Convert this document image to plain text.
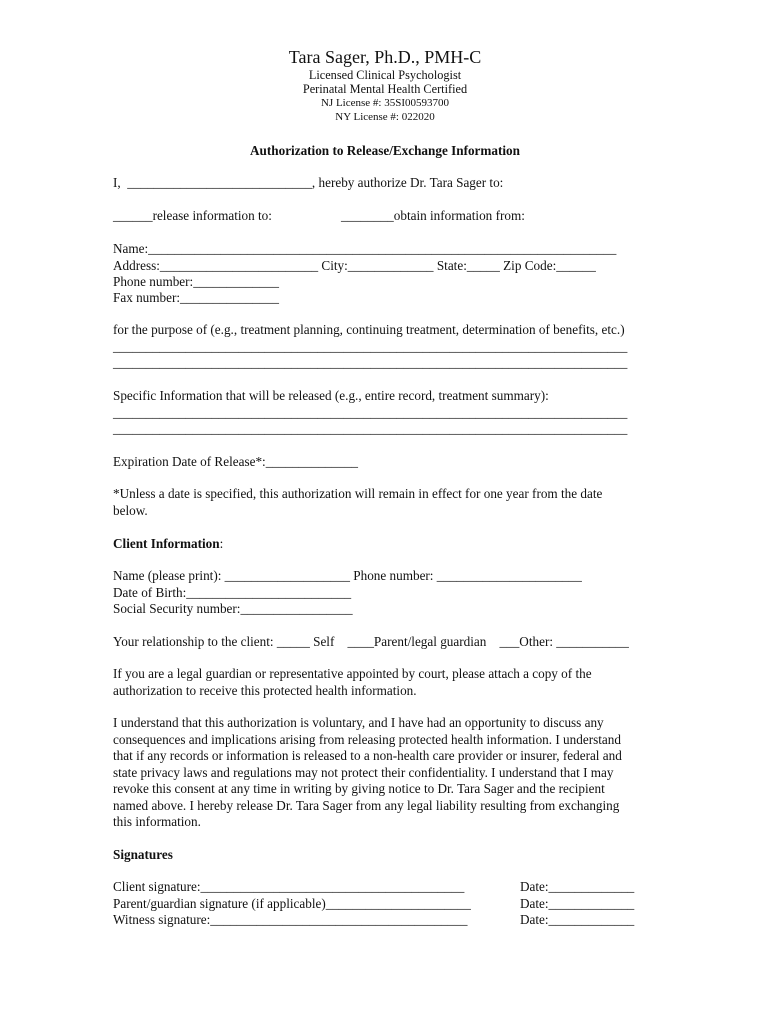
Tara Sager, Ph.D., PMH-C
Licensed Clinical Psychologist
Perinatal Mental Health Certified
NJ License #: 35SI00593700
NY License #: 022020
Authorization to Release/Exchange Information
I,  ____________________________, hereby authorize Dr. Tara Sager to:
______release information to:	________obtain information from:
Name:_______________________________________________________________________
Address:________________________ City:_____________ State:_____ Zip Code:______
Phone number:_____________
Fax number:_______________
for the purpose of (e.g., treatment planning, continuing treatment, determination of benefits, etc.)
______________________________________________________________________________
______________________________________________________________________________
Specific Information that will be released (e.g., entire record, treatment summary):
______________________________________________________________________________
______________________________________________________________________________
Expiration Date of Release*:______________
*Unless a date is specified, this authorization will remain in effect for one year from the date
below.
Client Information:
Name (please print): ___________________ Phone number: ______________________
Date of Birth:_________________________
Social Security number:_________________
Your relationship to the client: _____ Self    ____Parent/legal guardian    ___Other: ___________
If you are a legal guardian or representative appointed by court, please attach a copy of the
authorization to receive this protected health information.
I understand that this authorization is voluntary, and I have had an opportunity to discuss any
consequences and implications arising from releasing protected health information. I understand
that if any records or information is released to a non-health care provider or insurer, federal and
state privacy laws and regulations may not protect their confidentiality. I understand that I may
revoke this consent at any time in writing by giving notice to Dr. Tara Sager and the recipient
named above. I hereby release Dr. Tara Sager from any legal liability resulting from exchanging
this information.
Signatures
Client signature:________________________________________	Date:_____________
Parent/guardian signature (if applicable)______________________	Date:_____________
Witness signature:_______________________________________	Date:_____________
